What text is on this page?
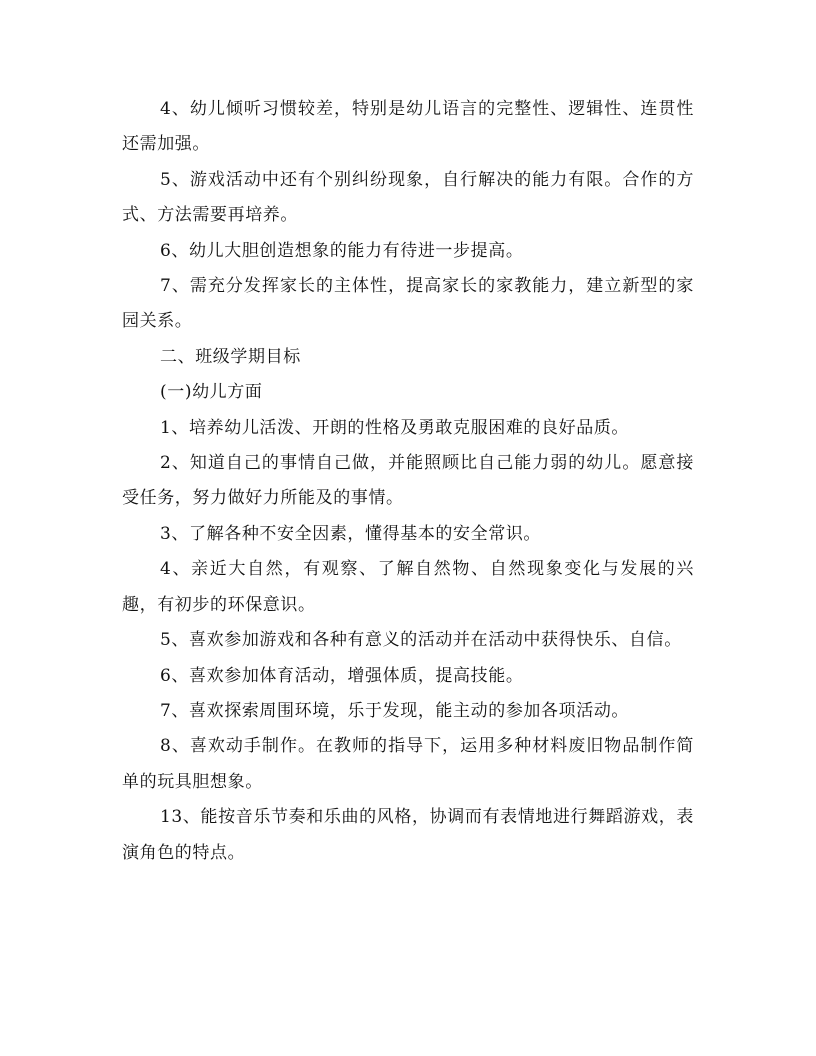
4、幼儿倾听习惯较差，特别是幼儿语言的完整性、逻辑性、连贯性还需加强。

5、游戏活动中还有个别纠纷现象，自行解决的能力有限。合作的方式、方法需要再培养。

6、幼儿大胆创造想象的能力有待进一步提高。

7、需充分发挥家长的主体性，提高家长的家教能力，建立新型的家园关系。

二、班级学期目标

(一)幼儿方面

1、培养幼儿活泼、开朗的性格及勇敢克服困难的良好品质。

2、知道自己的事情自己做，并能照顾比自己能力弱的幼儿。愿意接受任务，努力做好力所能及的事情。

3、了解各种不安全因素，懂得基本的安全常识。

4、亲近大自然，有观察、了解自然物、自然现象变化与发展的兴趣，有初步的环保意识。

5、喜欢参加游戏和各种有意义的活动并在活动中获得快乐、自信。

6、喜欢参加体育活动，增强体质，提高技能。

7、喜欢探索周围环境，乐于发现，能主动的参加各项活动。

8、喜欢动手制作。在教师的指导下，运用多种材料废旧物品制作简单的玩具胆想象。

13、能按音乐节奏和乐曲的风格，协调而有表情地进行舞蹈游戏，表演角色的特点。
